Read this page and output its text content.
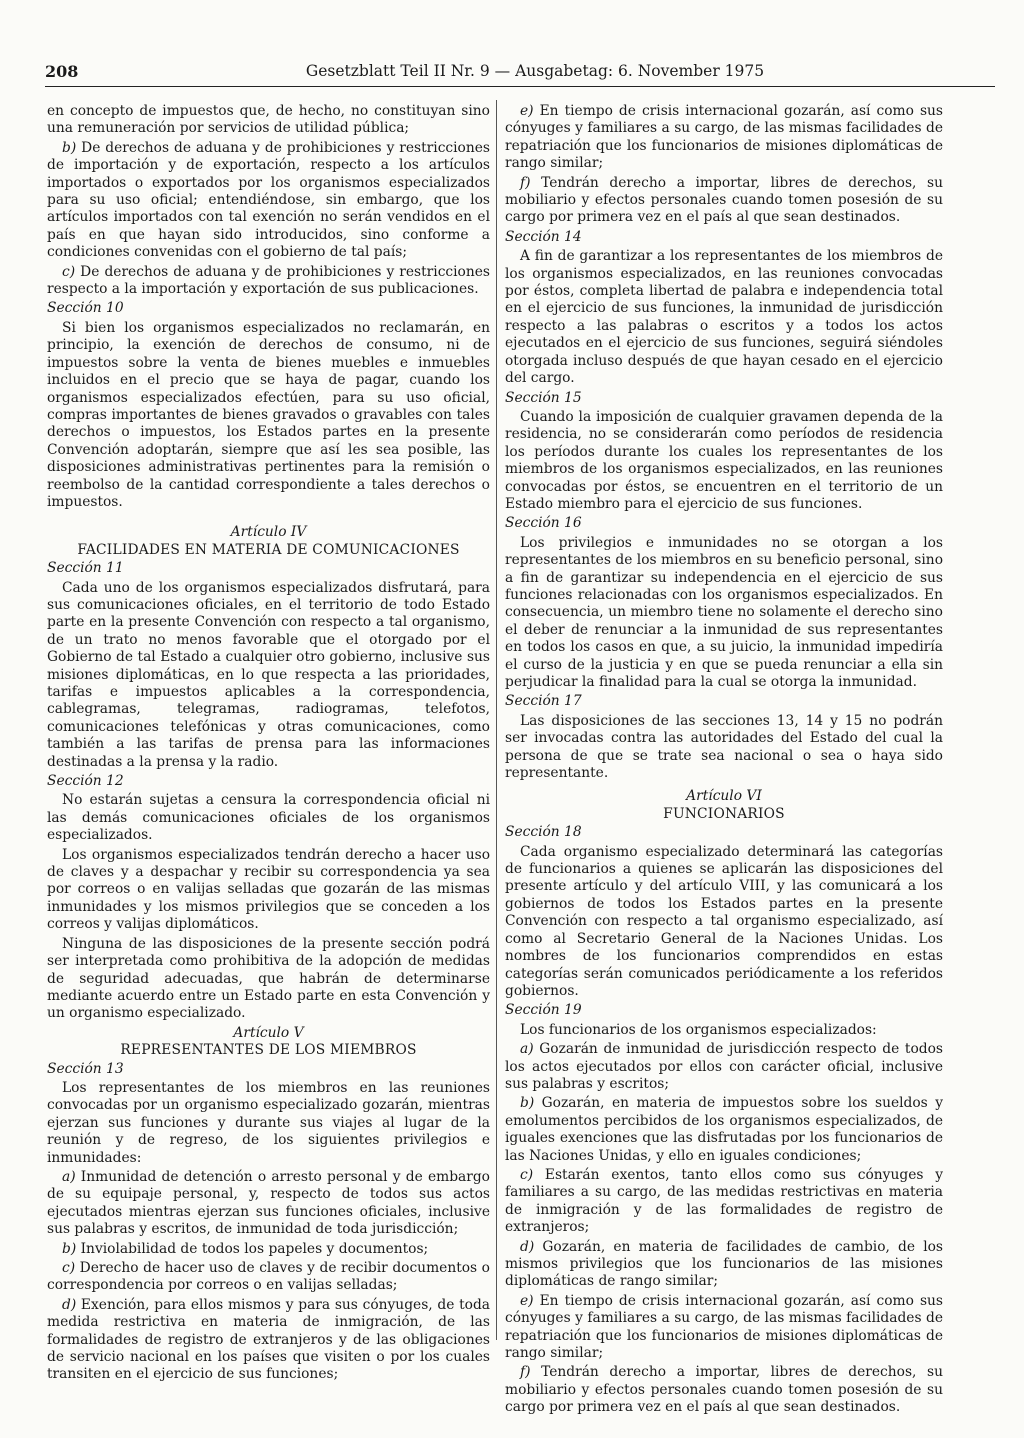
208	Gesetzblatt Teil II Nr. 9 — Ausgabetag: 6. November 1975

en concepto de impuestos que, de hecho, no constituyan sino una remuneración por servicios de utilidad pública;

b) De derechos de aduana y de prohibiciones y restricciones de importación y de exportación, respecto a los artículos importados o exportados por los organismos especializados para su uso oficial; entendiéndose, sin embargo, que los artículos importados con tal exención no serán vendidos en el país en que hayan sido introducidos, sino conforme a condiciones convenidas con el gobierno de tal país;

c) De derechos de aduana y de prohibiciones y restricciones respecto a la importación y exportación de sus publicaciones.

Sección 10

Si bien los organismos especializados no reclamarán, en principio, la exención de derechos de consumo, ni de impuestos sobre la venta de bienes muebles e inmuebles incluidos en el precio que se haya de pagar, cuando los organismos especializados efectúen, para su uso oficial, compras importantes de bienes gravados o gravables con tales derechos o impuestos, los Estados partes en la presente Convención adoptarán, siempre que así les sea posible, las disposiciones administrativas pertinentes para la remisión o reembolso de la cantidad correspondiente a tales derechos o impuestos.

Artículo IV
FACILIDADES EN MATERIA DE COMUNICACIONES
Sección 11

Cada uno de los organismos especializados disfrutará, para sus comunicaciones oficiales, en el territorio de todo Estado parte en la presente Convención con respecto a tal organismo, de un trato no menos favorable que el otorgado por el Gobierno de tal Estado a cualquier otro gobierno, inclusive sus misiones diplomáticas, en lo que respecta a las prioridades, tarifas e impuestos aplicables a la correspondencia, cablegramas, telegramas, radiogramas, telefotos, comunicaciones telefónicas y otras comunicaciones, como también a las tarifas de prensa para las informaciones destinadas a la prensa y la radio.

Sección 12

No estarán sujetas a censura la correspondencia oficial ni las demás comunicaciones oficiales de los organismos especializados.

Los organismos especializados tendrán derecho a hacer uso de claves y a despachar y recibir su correspondencia ya sea por correos o en valijas selladas que gozarán de las mismas inmunidades y los mismos privilegios que se conceden a los correos y valijas diplomáticos.

Ninguna de las disposiciones de la presente sección podrá ser interpretada como prohibitiva de la adopción de medidas de seguridad adecuadas, que habrán de determinarse mediante acuerdo entre un Estado parte en esta Convención y un organismo especializado.

Artículo V
REPRESENTANTES DE LOS MIEMBROS
Sección 13

Los representantes de los miembros en las reuniones convocadas por un organismo especializado gozarán, mientras ejerzan sus funciones y durante sus viajes al lugar de la reunión y de regreso, de los siguientes privilegios e inmunidades:

a) Inmunidad de detención o arresto personal y de embargo de su equipaje personal, y, respecto de todos sus actos ejecutados mientras ejerzan sus funciones oficiales, inclusive sus palabras y escritos, de inmunidad de toda jurisdicción;

b) Inviolabilidad de todos los papeles y documentos;

c) Derecho de hacer uso de claves y de recibir documentos o correspondencia por correos o en valijas selladas;

d) Exención, para ellos mismos y para sus cónyuges, de toda medida restrictiva en materia de inmigración, de las formalidades de registro de extranjeros y de las obligaciones de servicio nacional en los países que visiten o por los cuales transiten en el ejercicio de sus funciones;

e) En tiempo de crisis internacional gozarán, así como sus cónyuges y familiares a su cargo, de las mismas facilidades de repatriación que los funcionarios de misiones diplomáticas de rango similar;

f) Tendrán derecho a importar, libres de derechos, su mobiliario y efectos personales cuando tomen posesión de su cargo por primera vez en el país al que sean destinados.

Sección 14

A fin de garantizar a los representantes de los miembros de los organismos especializados, en las reuniones convocadas por éstos, completa libertad de palabra e independencia total en el ejercicio de sus funciones, la inmunidad de jurisdicción respecto a las palabras o escritos y a todos los actos ejecutados en el ejercicio de sus funciones, seguirá siéndoles otorgada incluso después de que hayan cesado en el ejercicio del cargo.

Sección 15

Cuando la imposición de cualquier gravamen dependa de la residencia, no se considerarán como períodos de residencia los períodos durante los cuales los representantes de los miembros de los organismos especializados, en las reuniones convocadas por éstos, se encuentren en el territorio de un Estado miembro para el ejercicio de sus funciones.

Sección 16

Los privilegios e inmunidades no se otorgan a los representantes de los miembros en su beneficio personal, sino a fin de garantizar su independencia en el ejercicio de sus funciones relacionadas con los organismos especializados. En consecuencia, un miembro tiene no solamente el derecho sino el deber de renunciar a la inmunidad de sus representantes en todos los casos en que, a su juicio, la inmunidad impediría el curso de la justicia y en que se pueda renunciar a ella sin perjudicar la finalidad para la cual se otorga la inmunidad.

Sección 17

Las disposiciones de las secciones 13, 14 y 15 no podrán ser invocadas contra las autoridades del Estado del cual la persona de que se trate sea nacional o sea o haya sido representante.

Artículo VI
FUNCIONARIOS
Sección 18

Cada organismo especializado determinará las categorías de funcionarios a quienes se aplicarán las disposiciones del presente artículo y del artículo VIII, y las comunicará a los gobiernos de todos los Estados partes en la presente Convención con respecto a tal organismo especializado, así como al Secretario General de la Naciones Unidas. Los nombres de los funcionarios comprendidos en estas categorías serán comunicados periódicamente a los referidos gobiernos.

Sección 19

Los funcionarios de los organismos especializados:

a) Gozarán de inmunidad de jurisdicción respecto de todos los actos ejecutados por ellos con carácter oficial, inclusive sus palabras y escritos;

b) Gozarán, en materia de impuestos sobre los sueldos y emolumentos percibidos de los organismos especializados, de iguales exenciones que las disfrutadas por los funcionarios de las Naciones Unidas, y ello en iguales condiciones;

c) Estarán exentos, tanto ellos como sus cónyuges y familiares a su cargo, de las medidas restrictivas en materia de inmigración y de las formalidades de registro de extranjeros;

d) Gozarán, en materia de facilidades de cambio, de los mismos privilegios que los funcionarios de las misiones diplomáticas de rango similar;

e) En tiempo de crisis internacional gozarán, así como sus cónyuges y familiares a su cargo, de las mismas facilidades de repatriación que los funcionarios de misiones diplomáticas de rango similar;

f) Tendrán derecho a importar, libres de derechos, su mobiliario y efectos personales cuando tomen posesión de su cargo por primera vez en el país al que sean destinados.
